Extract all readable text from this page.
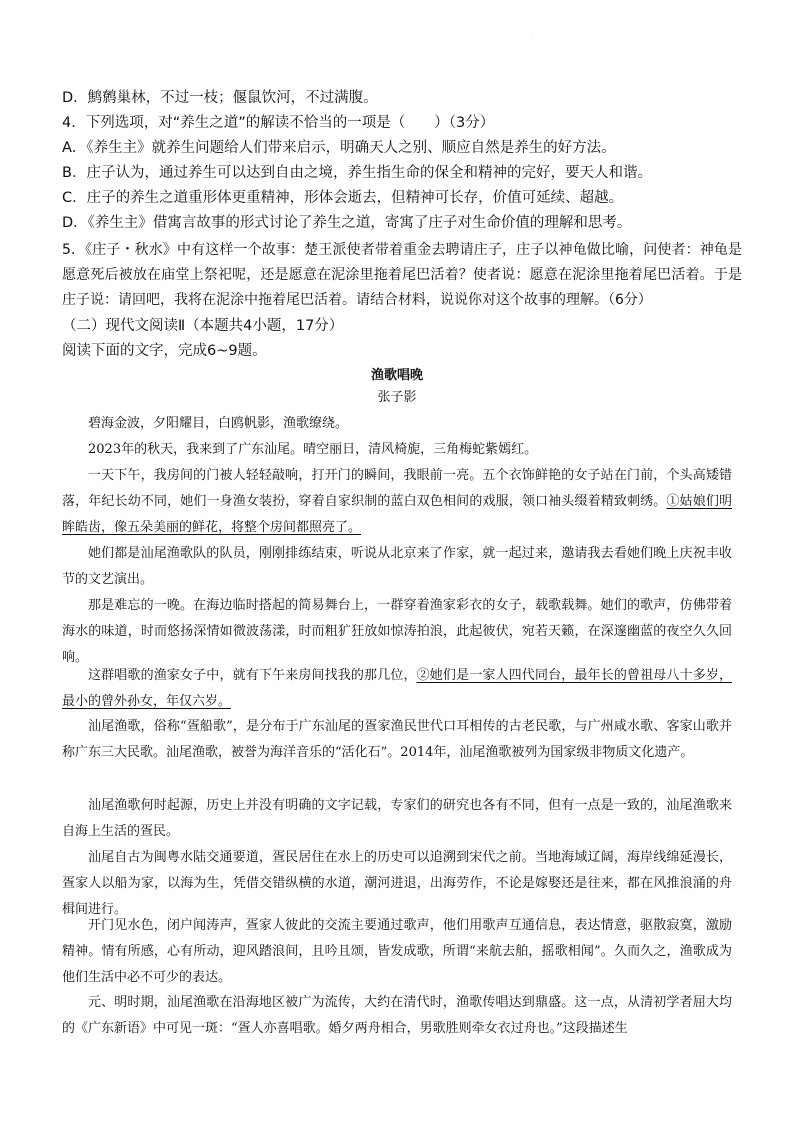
·
D．鹪鹩巢林，不过一枝；偃鼠饮河，不过满腹。
4．下列选项，对“养生之道”的解读不恰当的一项是（　　）（3分）
A．《养生主》就养生问题给人们带来启示，明确天人之别、顺应自然是养生的好方法。
B．庄子认为，通过养生可以达到自由之境，养生指生命的保全和精神的完好，要天人和谐。
C．庄子的养生之道重形体更重精神，形体会逝去，但精神可长存，价值可延续、超越。
D．《养生主》借寓言故事的形式讨论了养生之道，寄寓了庄子对生命价值的理解和思考。
5．《庄子・秋水》中有这样一个故事：楚王派使者带着重金去聘请庄子，庄子以神龟做比喻，问使者：神龟是愿意死后被放在庙堂上祭祀呢，还是愿意在泥涂里拖着尾巴活着？使者说：愿意在泥涂里拖着尾巴活着。于是庄子说：请回吧，我将在泥涂中拖着尾巴活着。请结合材料，说说你对这个故事的理解。（6分）
（二）现代文阅读Ⅱ（本题共4小题，17分）
阅读下面的文字，完成6~9题。
渔歌唱晚
张子影
碧海金波，夕阳耀目，白鸥帆影，渔歌缭绕。
2023年的秋天，我来到了广东汕尾。晴空丽日，清风椅旎，三角梅蛇紫嫣红。
一天下午，我房间的门被人轻轻敲响，打开门的瞬间，我眼前一亮。五个衣饰鲜艳的女子站在门前，个头高矮错落，年纪长幼不同，她们一身渔女装扮，穿着自家织制的蓝白双色相间的戏服，领口袖头缀着精致刺绣。①姑娘们明眸皓齿，像五朵美丽的鲜花，将整个房间都照亮了。
她们都是汕尾渔歌队的队员，刚刚排练结束，听说从北京来了作家，就一起过来，邀请我去看她们晚上庆祝丰收节的文艺演出。
那是难忘的一晚。在海边临时搭起的简易舞台上，一群穿着渔家彩衣的女子，载歌载舞。她们的歌声，仿佛带着海水的味道，时而悠扬深情如微波荡漾，时而粗犷狂放如惊涛拍浪，此起彼伏，宛若天籁，在深邃幽蓝的夜空久久回响。
这群唱歌的渔家女子中，就有下午来房间找我的那几位，②她们是一家人四代同台，最年长的曾祖母八十多岁，最小的曾外孙女，年仅六岁。
汕尾渔歌，俗称“疍船歌”，是分布于广东汕尾的疍家渔民世代口耳相传的古老民歌，与广州咸水歌、客家山歌并称广东三大民歌。汕尾渔歌，被誉为海洋音乐的“活化石”。2014年，汕尾渔歌被列为国家级非物质文化遗产。
汕尾渔歌何时起源，历史上并没有明确的文字记载，专家们的研究也各有不同，但有一点是一致的，汕尾渔歌来自海上生活的疍民。
汕尾自古为闽粤水陆交通要道，疍民居住在水上的历史可以追溯到宋代之前。当地海域辽阔，海岸线绵延漫长，疍家人以船为家，以海为生，凭借交错纵横的水道，潮河进退，出海劳作，不论是嫁娶还是往来，都在风推浪涌的舟楫间进行。
开门见水色，闭户闻涛声，疍家人彼此的交流主要通过歌声，他们用歌声互通信息，表达情意，驱散寂寞，激励精神。情有所感，心有所动，迎风踏浪间，且吟且颂，皆发成歌，所谓“来航去舶，摇歌相闻”。久而久之，渔歌成为他们生活中必不可少的表达。
元、明时期，汕尾渔歌在沿海地区被广为流传，大约在清代时，渔歌传唱达到鼎盛。这一点，从清初学者屈大均的《广东新语》中可见一斑：“疍人亦喜唱歌。婚夕两舟相合，男歌胜则牵女衣过舟也。”这段描述生
